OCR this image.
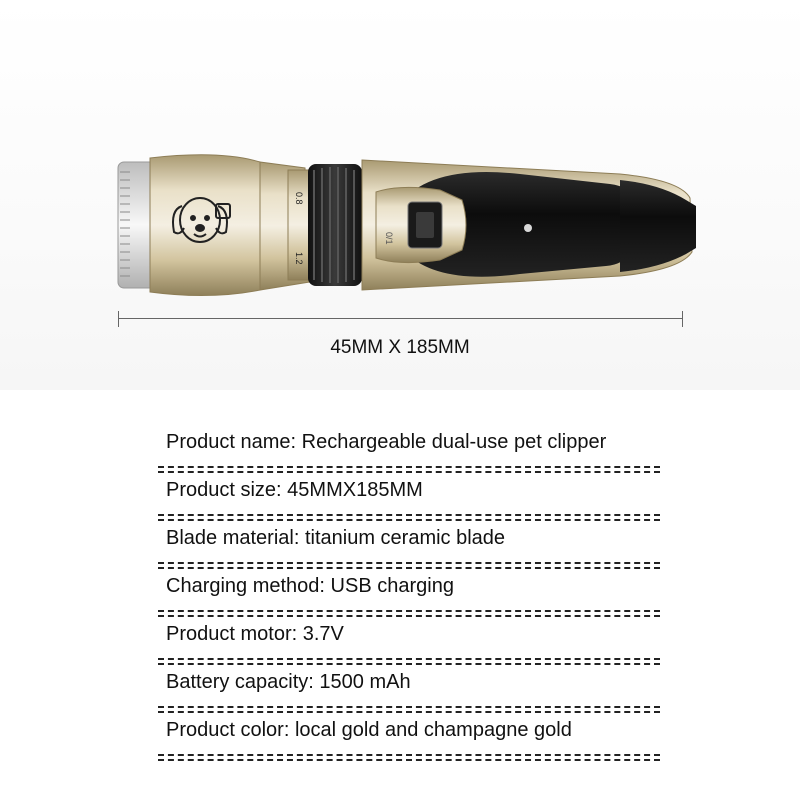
0.8
1.2
0/1
45MM X 185MM
Product name: Rechargeable dual-use pet clipper
Product size: 45MMX185MM
Blade material: titanium ceramic blade
Charging method: USB charging
Product motor: 3.7V
Battery capacity: 1500 mAh
Product color: local gold and champagne gold
